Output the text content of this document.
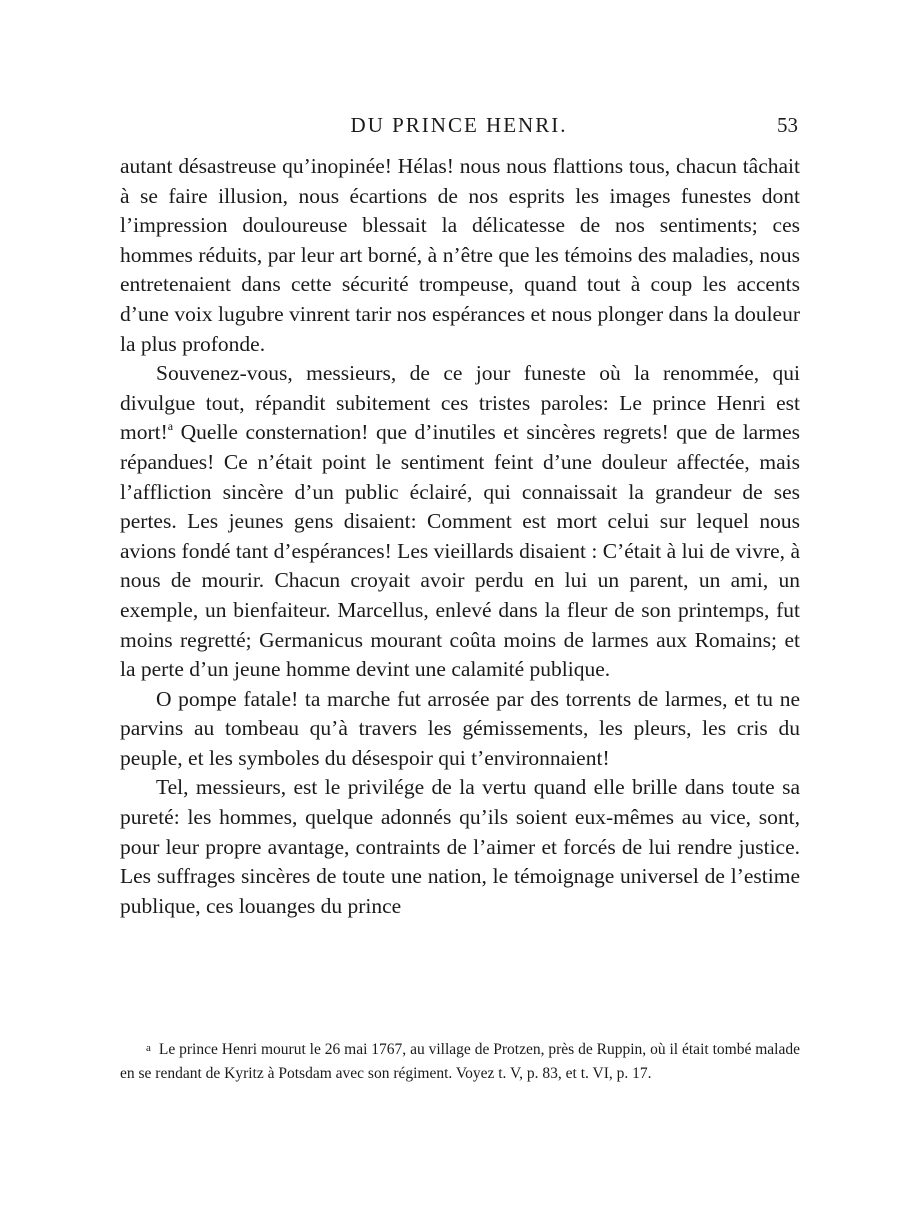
DU PRINCE HENRI.	53

autant désastreuse qu’inopinée! Hélas! nous nous flattions tous, chacun tâchait à se faire illusion, nous écartions de nos esprits les images funestes dont l’impression douloureuse blessait la délicatesse de nos sentiments; ces hommes réduits, par leur art borné, à n’être que les témoins des maladies, nous entretenaient dans cette sécurité trompeuse, quand tout à coup les accents d’une voix lugubre vinrent tarir nos espérances et nous plonger dans la douleur la plus profonde.

Souvenez-vous, messieurs, de ce jour funeste où la renommée, qui divulgue tout, répandit subitement ces tristes paroles: Le prince Henri est mort!$^a$ Quelle consternation! que d’inutiles et sincères regrets! que de larmes répandues! Ce n’était point le sentiment feint d’une douleur affectée, mais l’affliction sincère d’un public éclairé, qui connaissait la grandeur de ses pertes. Les jeunes gens disaient: Comment est mort celui sur lequel nous avions fondé tant d’espérances! Les vieillards disaient : C’était à lui de vivre, à nous de mourir. Chacun croyait avoir perdu en lui un parent, un ami, un exemple, un bienfaiteur. Marcellus, enlevé dans la fleur de son printemps, fut moins regretté; Germanicus mourant coûta moins de larmes aux Romains; et la perte d’un jeune homme devint une calamité publique.

O pompe fatale! ta marche fut arrosée par des torrents de larmes, et tu ne parvins au tombeau qu’à travers les gémissements, les pleurs, les cris du peuple, et les symboles du désespoir qui t’environnaient!

Tel, messieurs, est le privilége de la vertu quand elle brille dans toute sa pureté: les hommes, quelque adonnés qu’ils soient eux-mêmes au vice, sont, pour leur propre avantage, contraints de l’aimer et forcés de lui rendre justice. Les suffrages sincères de toute une nation, le témoignage universel de l’estime publique, ces louanges du prince

a Le prince Henri mourut le 26 mai 1767, au village de Protzen, près de Ruppin, où il était tombé malade en se rendant de Kyritz à Potsdam avec son régiment. Voyez t. V, p. 83, et t. VI, p. 17.
